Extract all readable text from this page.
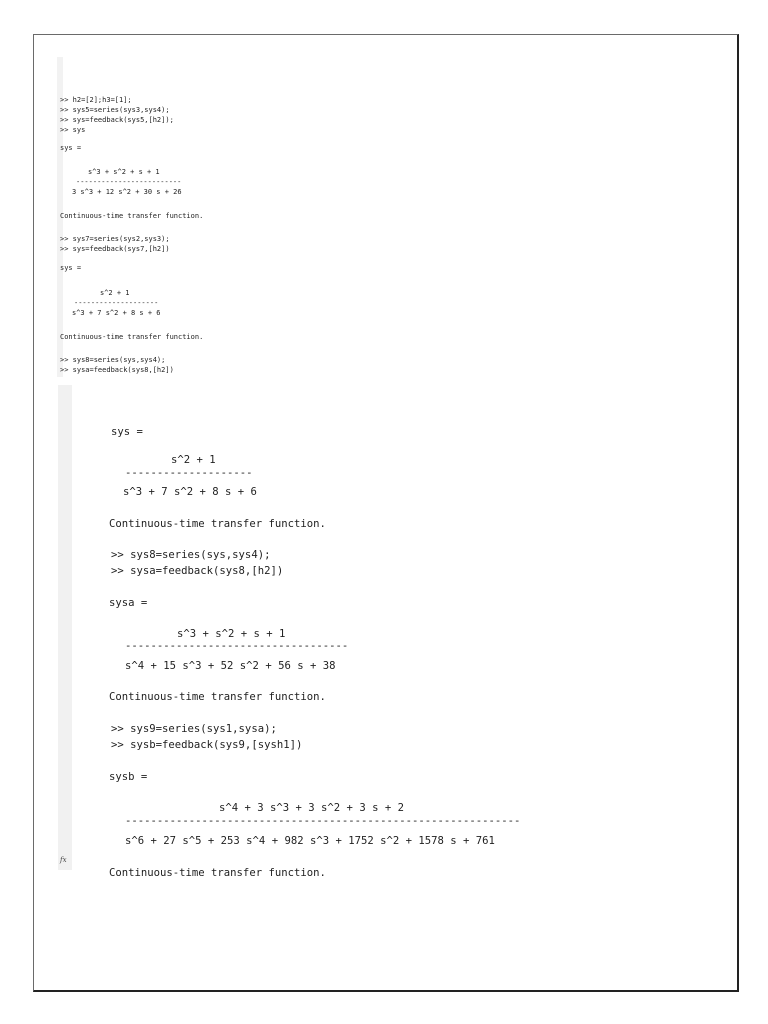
>> h2=[2];h3=[1];
>> sys5=series(sys3,sys4);
>> sys=feedback(sys5,[h2]);
>> sys
sys =
s^3 + s^2 + s + 1
-------------------------
3 s^3 + 12 s^2 + 30 s + 26
Continuous-time transfer function.
>> sys7=series(sys2,sys3);
>> sys=feedback(sys7,[h2])
sys =
s^2 + 1
--------------------
s^3 + 7 s^2 + 8 s + 6
Continuous-time transfer function.
>> sys8=series(sys,sys4);
>> sysa=feedback(sys8,[h2])
sys =
s^2 + 1
--------------------
s^3 + 7 s^2 + 8 s + 6
Continuous-time transfer function.
>> sys8=series(sys,sys4);
>> sysa=feedback(sys8,[h2])
sysa =
s^3 + s^2 + s + 1
-----------------------------------
s^4 + 15 s^3 + 52 s^2 + 56 s + 38
Continuous-time transfer function.
>> sys9=series(sys1,sysa);
>> sysb=feedback(sys9,[sysh1])
sysb =
s^4 + 3 s^3 + 3 s^2 + 3 s + 2
--------------------------------------------------------------
s^6 + 27 s^5 + 253 s^4 + 982 s^3 + 1752 s^2 + 1578 s + 761
Continuous-time transfer function.
fx
